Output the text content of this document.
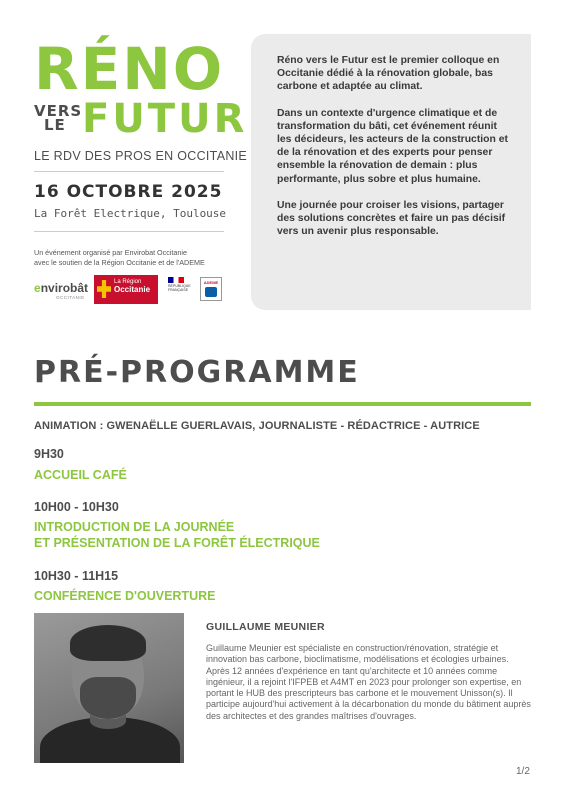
RÉNO
VERS
LE FUTUR
LE RDV DES PROS EN OCCITANIE
16 OCTOBRE 2025
La Forêt Electrique, Toulouse
Un événement organisé par Envirobat Occitanie
avec le soutien de la Région Occitanie et de l'ADEME
envirobât
OCCITANIE
La Région
Occitanie	RÉPUBLIQUE
FRANÇAISE
ADEME

Réno vers le Futur est le premier colloque en Occitanie dédié à la rénovation globale, bas carbone et adaptée au climat.

Dans un contexte d'urgence climatique et de transformation du bâti, cet événement réunit les décideurs, les acteurs de la construction et de la rénovation et des experts pour penser ensemble la rénovation de demain : plus performante, plus sobre et plus humaine.

Une journée pour croiser les visions, partager des solutions concrètes et faire un pas décisif vers un avenir plus responsable.

PRÉ-PROGRAMME
ANIMATION : GWENAËLLE GUERLAVAIS, JOURNALISTE - RÉDACTRICE - AUTRICE
9H30
ACCUEIL CAFÉ
10H00 - 10H30
INTRODUCTION DE LA JOURNÉE
ET PRÉSENTATION DE LA FORÊT ÉLECTRIQUE
10H30 - 11H15
CONFÉRENCE D'OUVERTURE
GUILLAUME MEUNIER
Guillaume Meunier est spécialiste en construction/rénovation, stratégie et innovation bas carbone, bioclimatisme, modélisations et écologies urbaines. Après 12 années d'expérience en tant qu'architecte et 10 années comme ingénieur, il a rejoint l'IFPEB et A4MT en 2023 pour prolonger son expertise, en portant le HUB des prescripteurs bas carbone et le mouvement Unisson(s). Il participe aujourd'hui activement à la décarbonation du monde du bâtiment auprès des architectes et des grandes maîtrises d'ouvrages.
1/2
